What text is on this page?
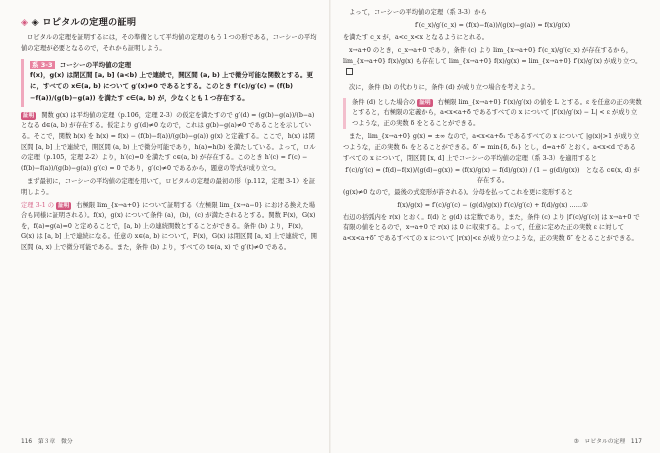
◈ ◈ ロピタルの定理の証明

ロピタルの定理を証明するには，その準備として平均値の定理のもう１つの形である，コーシーの平均値の定理が必要となるので，それから証明しよう。

系 3-3 コーシーの平均値の定理

f(x)，g(x) は閉区間 [a, b] (a<b) 上で連続で，開区間 (a, b) 上で微分可能な関数とする。更に，すべての x∈(a, b) について g′(x)≠0 であるとする。このとき f′(c)/g′(c) = (f(b)−f(a))/(g(b)−g(a)) を満たす c∈(a, b) が，少なくとも１つ存在する。

証明 関数 g(x) は平均値の定理（p.106，定理 2-3）の仮定を満たすので g′(d) = (g(b)−g(a))/(b−a) となる d∈(a, b) が存在する。仮定より g′(d)≠0 なので，これは g(b)−g(a)≠0 であることを示している。そこで，関数 h(x) を h(x) = f(x) − (f(b)−f(a))/(g(b)−g(a)) g(x) と定義する。ここで，h(x) は閉区間 [a, b] 上で連続で，開区間 (a, b) 上で微分可能であり，h(a)=h(b) を満たしている。よって，ロルの定理（p.105，定理 2-2）より，h′(c)=0 を満たす c∈(a, b) が存在する。このとき h′(c) = f′(c) − (f(b)−f(a))/(g(b)−g(a)) g′(c) = 0 であり，g′(c)≠0 であるから，題意の等式が成り立つ。

まず最初に，コーシーの平均値の定理を用いて，ロピタルの定理の最初の形（p.112，定理 3-1）を証明しよう。

定理 3-1 の 証明 右極限 lim_{x→a+0} について証明する（左極限 lim_{x→a−0} における換えた場合も同様に証明される）。f(x)，g(x) について条件 (a)，(b)，(c) が満たされるとする。関数 F(x)，G(x) を，f(a)=g(a)=0 と定めることで，[a, b) 上の連続関数とすることができる。条件 (b) より，F(x)，G(x) は [a, b] 上で連続になる。任意の x∈(a, b) について，F(x)，G(x) は閉区間 [a, x] 上で連続で，開区間 (a, x) 上で微分可能である。また，条件 (b) より，すべての t∈(a, x) で g′(t)≠0 である。

116　第３章　微分

よって，コーシーの平均値の定理（系 3-3）から

f′(c_x)/g′(c_x) = (f(x)−f(a))/(g(x)−g(a)) = f(x)/g(x)

を満たす c_x が，a<c_x<x となるようにとれる。

x→a+0 のとき，c_x→a+0 であり，条件 (c) より lim_{x→a+0} f′(c_x)/g′(c_x) が存在するから，lim_{x→a+0} f(x)/g(x) も存在して lim_{x→a+0} f(x)/g(x) = lim_{x→a+0} f′(x)/g′(x) が成り立つ。

次に，条件 (b) の代わりに，条件 (d) が成り立つ場合を考えよう。

条件 (d) とした場合の 証明 右極限 lim_{x→a+0} f′(x)/g′(x) の値を L とする。ε を任意の正の実数とすると，右極限の定義から，a<x<a+δ であるすべての x について |f′(x)/g′(x) − L| < ε が成り立つような，正の実数 δ をとることができる。

また，lim_{x→a+0} g(x) = ±∞ なので，a<x<a+δ₁ であるすべての x について |g(x)|>1 が成り立つような，正の実数 δ₁ をとることができる。δ′ = min{δ, δ₁} とし，d=a+δ′ とおく。a<x<d であるすべての x について，閉区間 [x, d] 上でコーシーの平均値の定理（系 3-3）を適用すると

f′(c)/g′(c) = (f(d)−f(x))/(g(d)−g(x)) = (f(x)/g(x) − f(d)/g(x)) / (1 − g(d)/g(x))　となる c∈(x, d) が存在する。

(g(x)≠0 なので，最後の式変形が許される)。分母を払ってこれを更に変形すると

f(x)/g(x) = f′(c)/g′(c) − (g(d)/g(x)) f′(c)/g′(c) + f(d)/g(x) ……①

右辺の括弧内を r(x) とおく。f(d) と g(d) は定数であり，また，条件 (c) より |f′(c)/g′(c)| は x→a+0 で有限の値をとるので，x→a+0 で r(x) は 0 に収束する。よって，任意に定めた正の実数 ε に対して a<x<a+δ″ であるすべての x について |r(x)|<ε が成り立つような，正の実数 δ″ をとることができる。

③　ロピタルの定理　117
